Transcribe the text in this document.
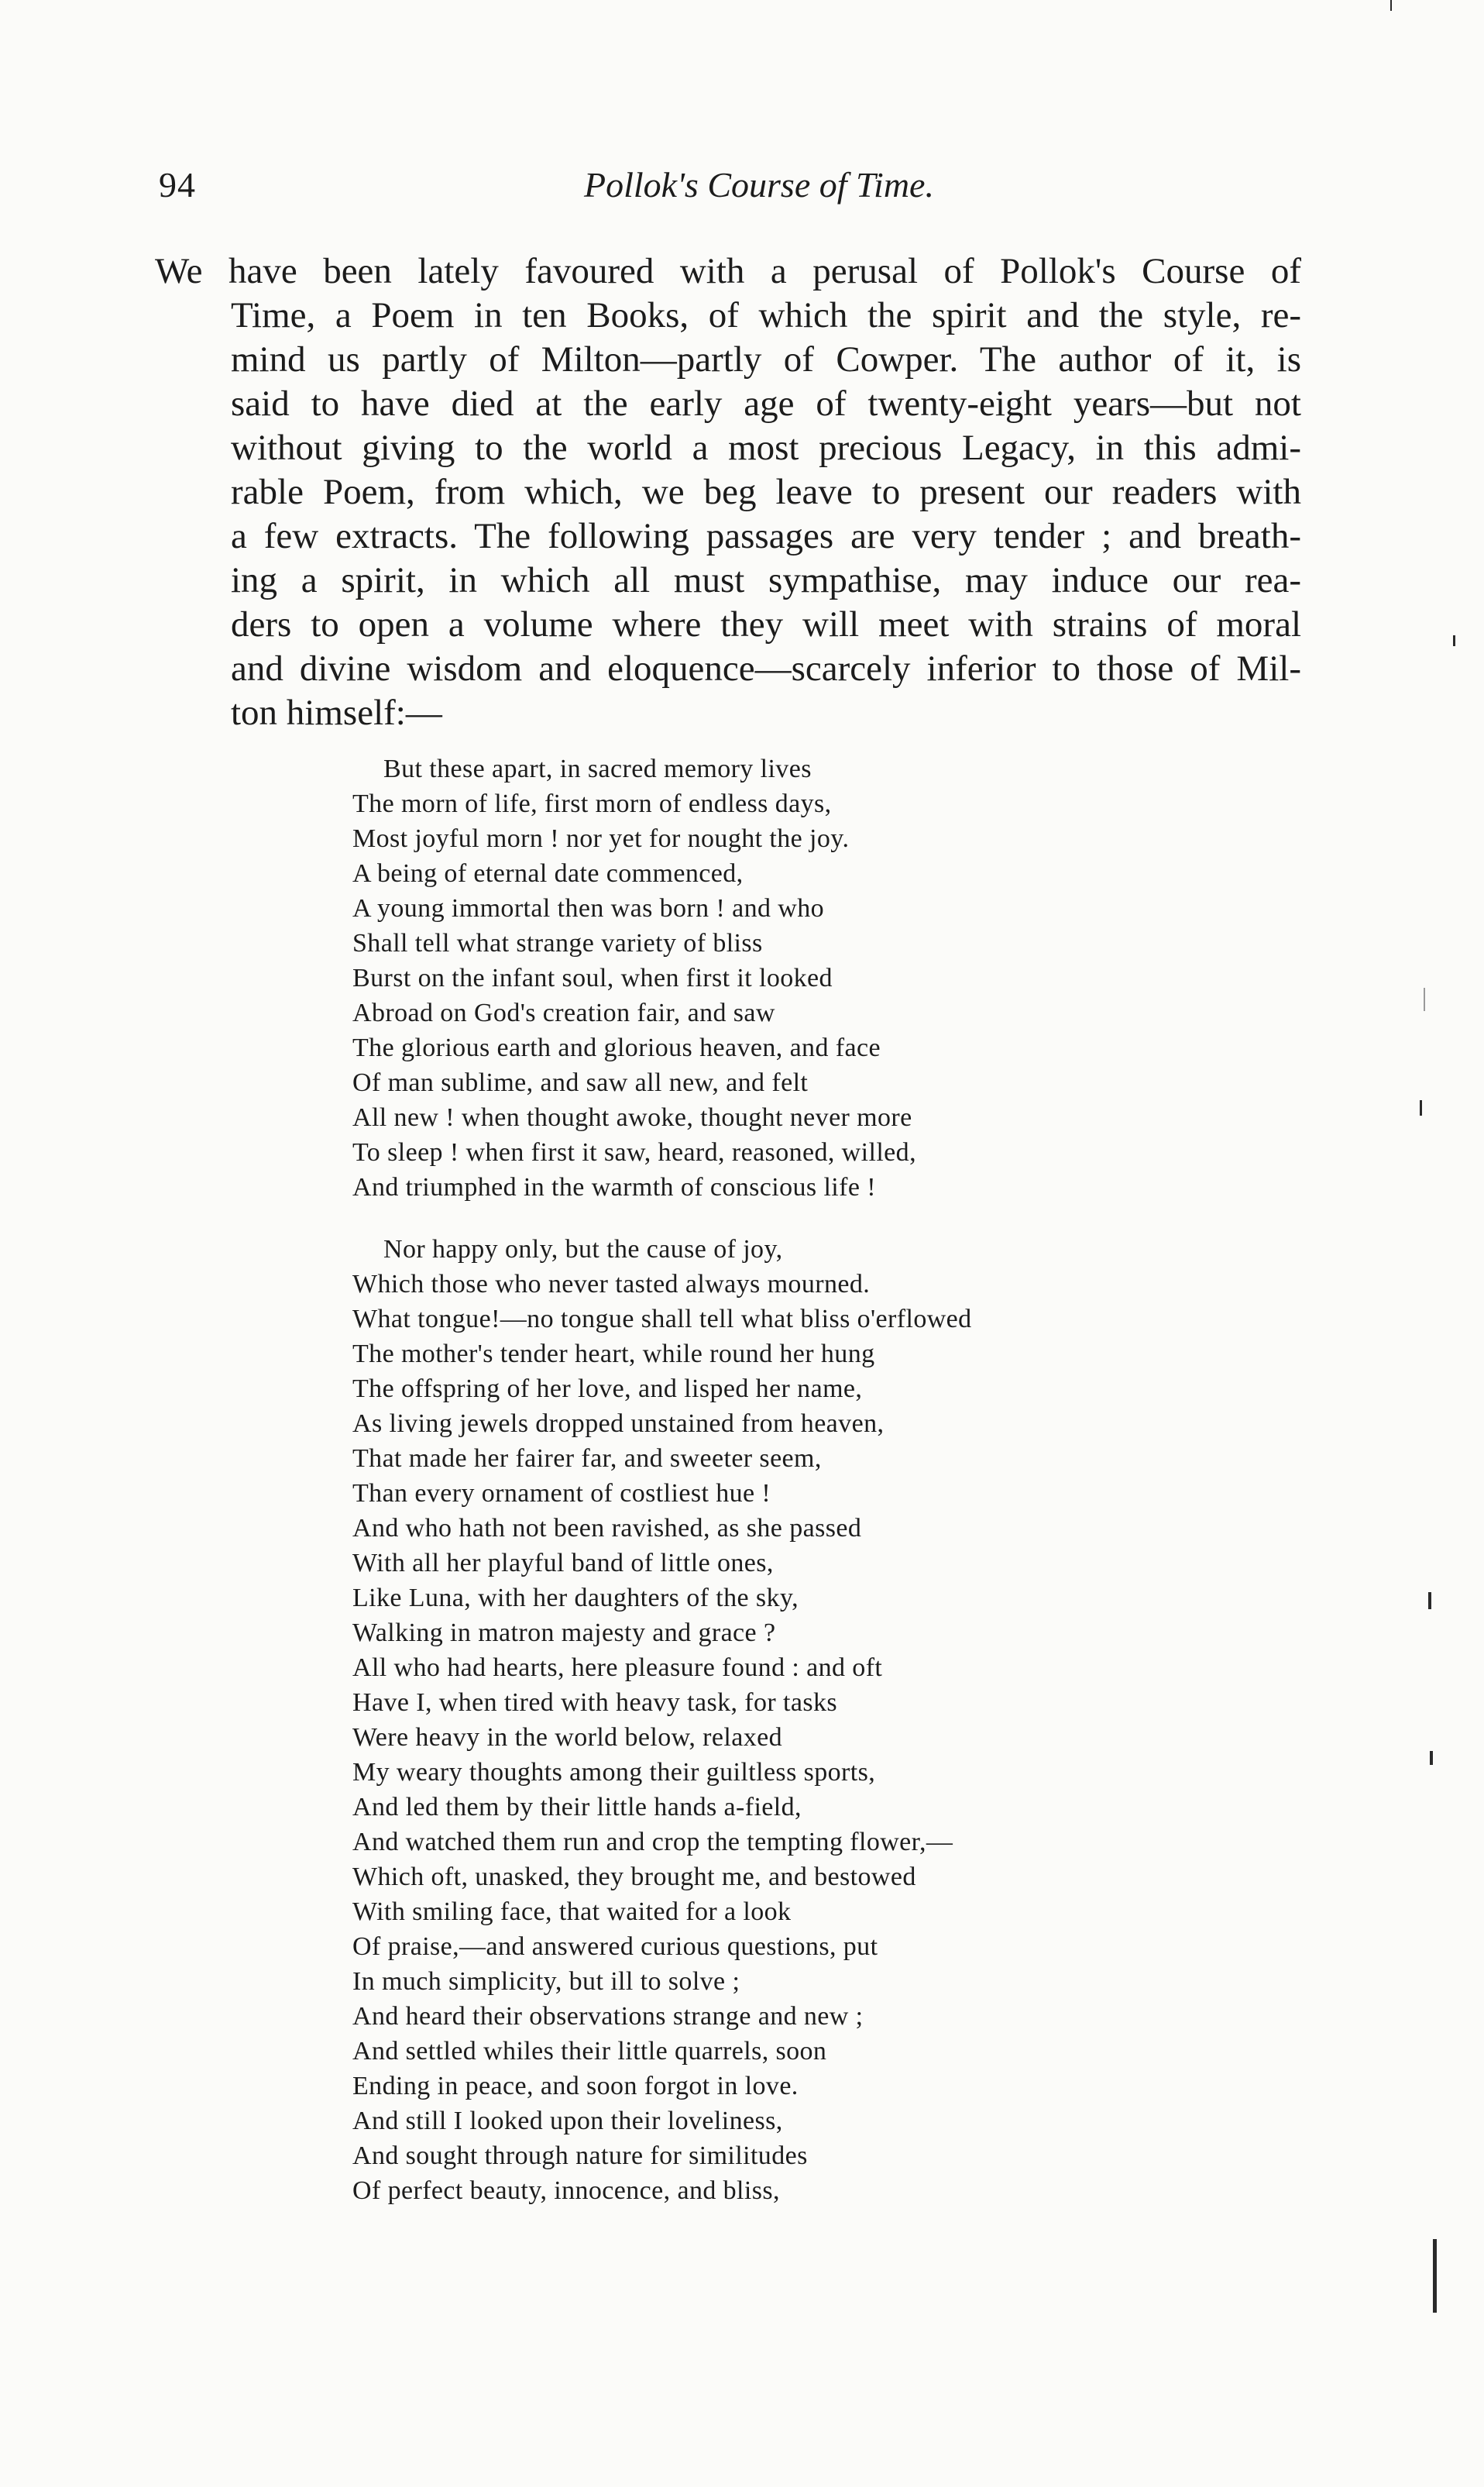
94	Pollok's Course of Time.
We have been lately favoured with a perusal of Pollok's Course of
Time, a Poem in ten Books, of which the spirit and the style, re-
mind us partly of Milton—partly of Cowper. The author of it, is
said to have died at the early age of twenty-eight years—but not
without giving to the world a most precious Legacy, in this admi-
rable Poem, from which, we beg leave to present our readers with
a few extracts. The following passages are very tender ; and breath-
ing a spirit, in which all must sympathise, may induce our rea-
ders to open a volume where they will meet with strains of moral
and divine wisdom and eloquence—scarcely inferior to those of Mil-
ton himself:—
But these apart, in sacred memory lives
The morn of life, first morn of endless days,
Most joyful morn ! nor yet for nought the joy.
A being of eternal date commenced,
A young immortal then was born ! and who
Shall tell what strange variety of bliss
Burst on the infant soul, when first it looked
Abroad on God's creation fair, and saw
The glorious earth and glorious heaven, and face
Of man sublime, and saw all new, and felt
All new ! when thought awoke, thought never more
To sleep ! when first it saw, heard, reasoned, willed,
And triumphed in the warmth of conscious life !
Nor happy only, but the cause of joy,
Which those who never tasted always mourned.
What tongue!—no tongue shall tell what bliss o'erflowed
The mother's tender heart, while round her hung
The offspring of her love, and lisped her name,
As living jewels dropped unstained from heaven,
That made her fairer far, and sweeter seem,
Than every ornament of costliest hue !
And who hath not been ravished, as she passed
With all her playful band of little ones,
Like Luna, with her daughters of the sky,
Walking in matron majesty and grace ?
All who had hearts, here pleasure found : and oft
Have I, when tired with heavy task, for tasks
Were heavy in the world below, relaxed
My weary thoughts among their guiltless sports,
And led them by their little hands a-field,
And watched them run and crop the tempting flower,—
Which oft, unasked, they brought me, and bestowed
With smiling face, that waited for a look
Of praise,—and answered curious questions, put
In much simplicity, but ill to solve ;
And heard their observations strange and new ;
And settled whiles their little quarrels, soon
Ending in peace, and soon forgot in love.
And still I looked upon their loveliness,
And sought through nature for similitudes
Of perfect beauty, innocence, and bliss,
